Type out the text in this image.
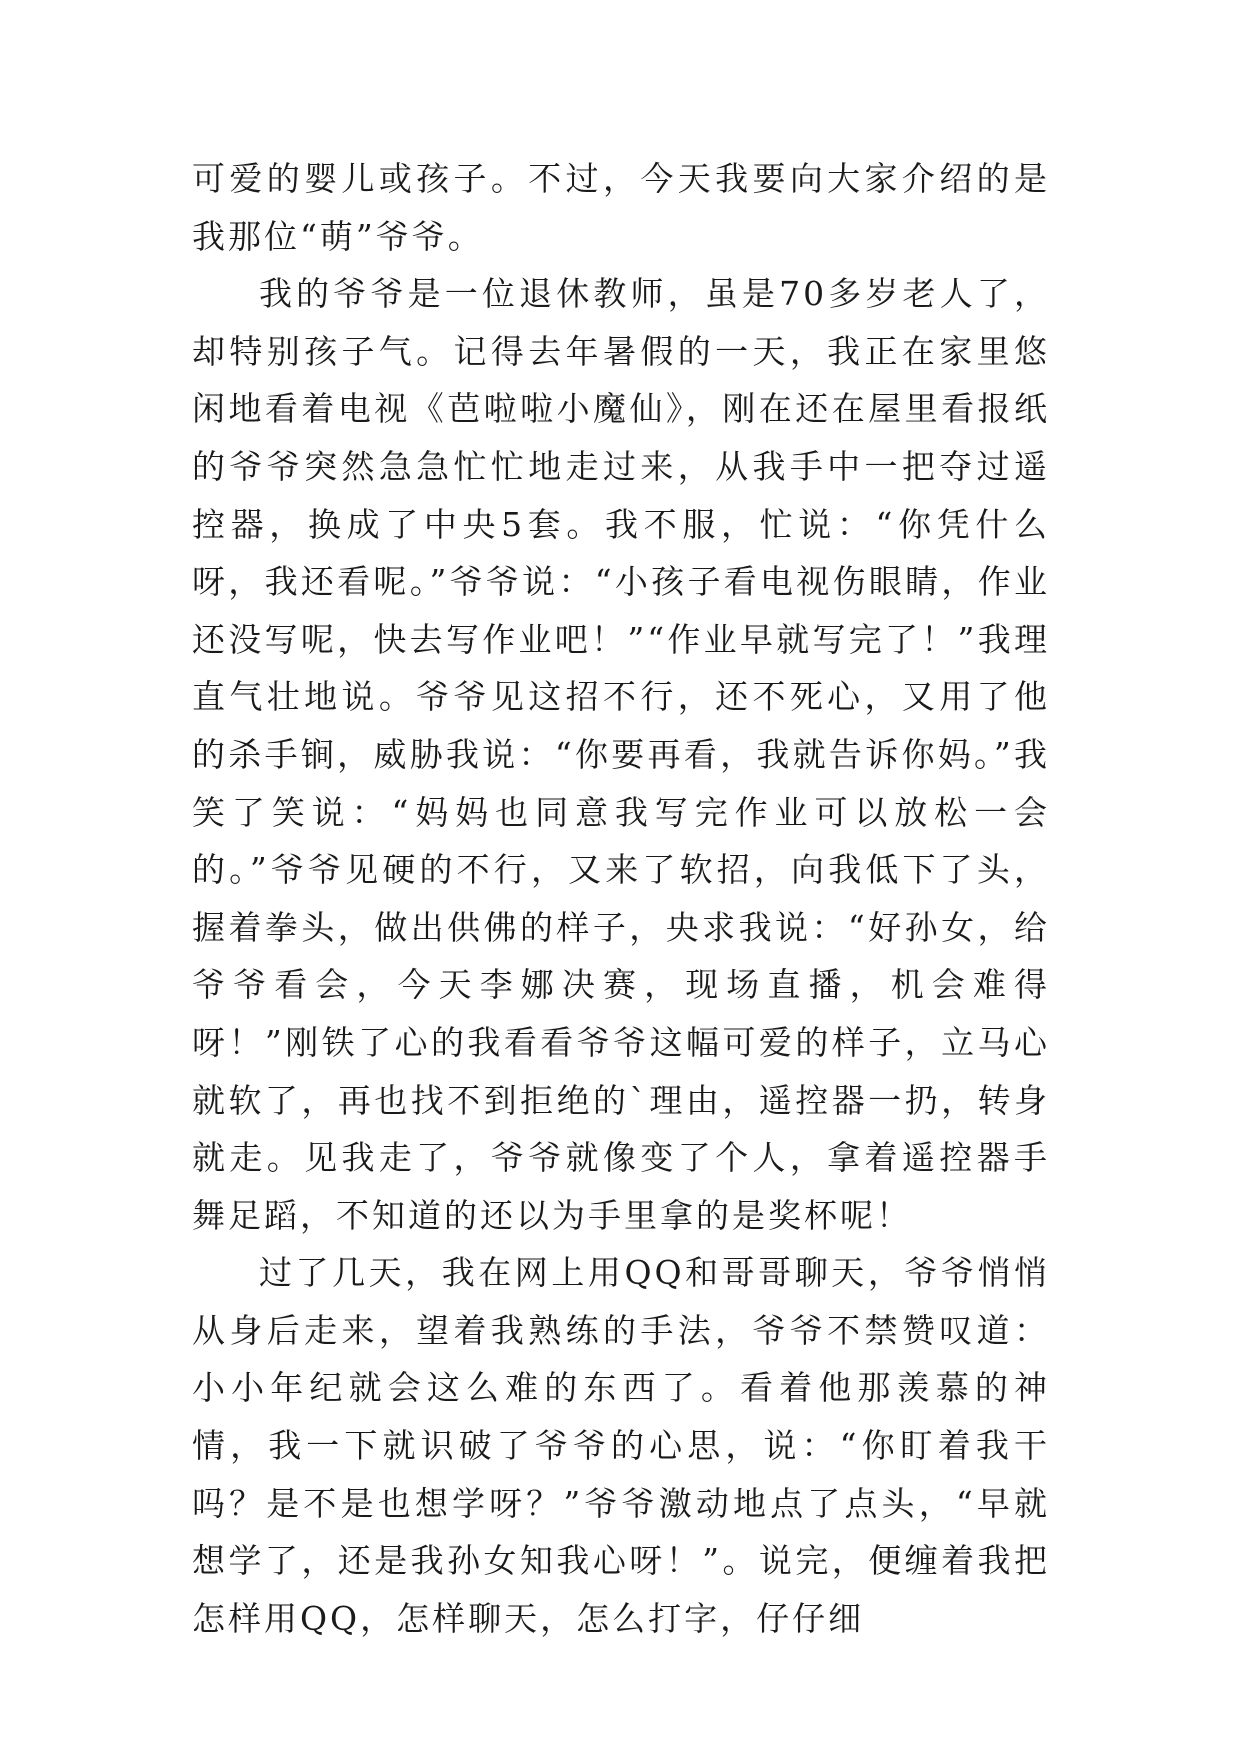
可爱的婴儿或孩子。不过，今天我要向大家介绍的是我那位“萌”爷爷。

我的爷爷是一位退休教师，虽是70多岁老人了，却特别孩子气。记得去年暑假的一天，我正在家里悠闲地看着电视《芭啦啦小魔仙》，刚在还在屋里看报纸的爷爷突然急急忙忙地走过来，从我手中一把夺过遥控器，换成了中央5套。我不服，忙说：“你凭什么呀，我还看呢。”爷爷说：“小孩子看电视伤眼睛，作业还没写呢，快去写作业吧！”“作业早就写完了！”我理直气壮地说。爷爷见这招不行，还不死心，又用了他的杀手锏，威胁我说：“你要再看，我就告诉你妈。”我笑了笑说：“妈妈也同意我写完作业可以放松一会的。”爷爷见硬的不行，又来了软招，向我低下了头，握着拳头，做出供佛的样子，央求我说：“好孙女，给爷爷看会，今天李娜决赛，现场直播，机会难得呀！”刚铁了心的我看看爷爷这幅可爱的样子，立马心就软了，再也找不到拒绝的`理由，遥控器一扔，转身就走。见我走了，爷爷就像变了个人，拿着遥控器手舞足蹈，不知道的还以为手里拿的是奖杯呢！

过了几天，我在网上用QQ和哥哥聊天，爷爷悄悄从身后走来，望着我熟练的手法，爷爷不禁赞叹道：小小年纪就会这么难的东西了。看着他那羡慕的神情，我一下就识破了爷爷的心思，说：“你盯着我干吗？是不是也想学呀？”爷爷激动地点了点头，“早就想学了，还是我孙女知我心呀！”。说完，便缠着我把怎样用QQ，怎样聊天，怎么打字，仔仔细
